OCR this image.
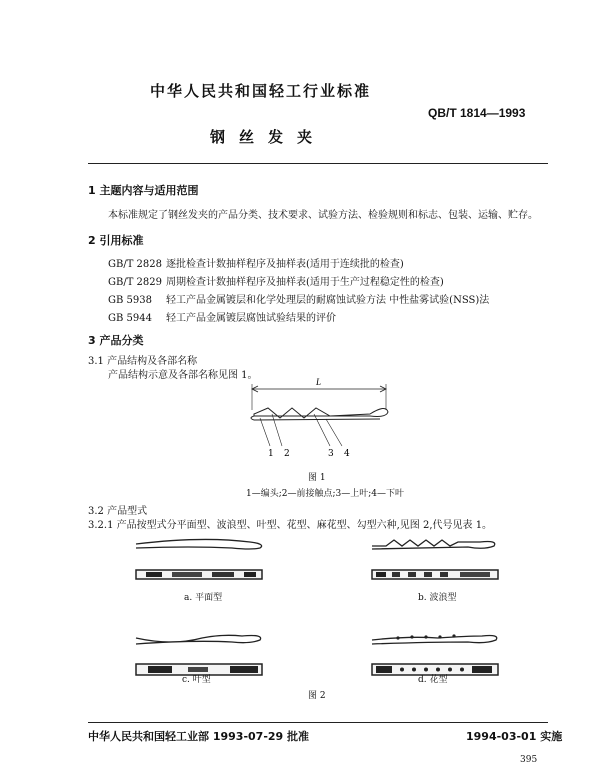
中华人民共和国轻工行业标准
QB/T 1814—1993
钢丝发夹
1 主题内容与适用范围
本标准规定了钢丝发夹的产品分类、技术要求、试验方法、检验规则和标志、包装、运输、贮存。
2 引用标准
GB/T 2828 逐批检查计数抽样程序及抽样表(适用于连续批的检查)
GB/T 2829 周期检查计数抽样程序及抽样表(适用于生产过程稳定性的检查)
GB 5938 轻工产品金属镀层和化学处理层的耐腐蚀试验方法 中性盐雾试验(NSS)法
GB 5944 轻工产品金属镀层腐蚀试验结果的评价
3 产品分类
3.1 产品结构及各部名称
产品结构示意及各部名称见图 1。
L
1 2	3 4
图 1
1—编头;2—前接触点;3—上叶;4—下叶
3.2 产品型式
3.2.1 产品按型式分平面型、波浪型、叶型、花型、麻花型、勾型六种,见图 2,代号见表 1。
a. 平面型	b. 波浪型
c. 叶型	d. 花型
图 2
中华人民共和国轻工业部 1993-07-29 批准	1994-03-01 实施
395
